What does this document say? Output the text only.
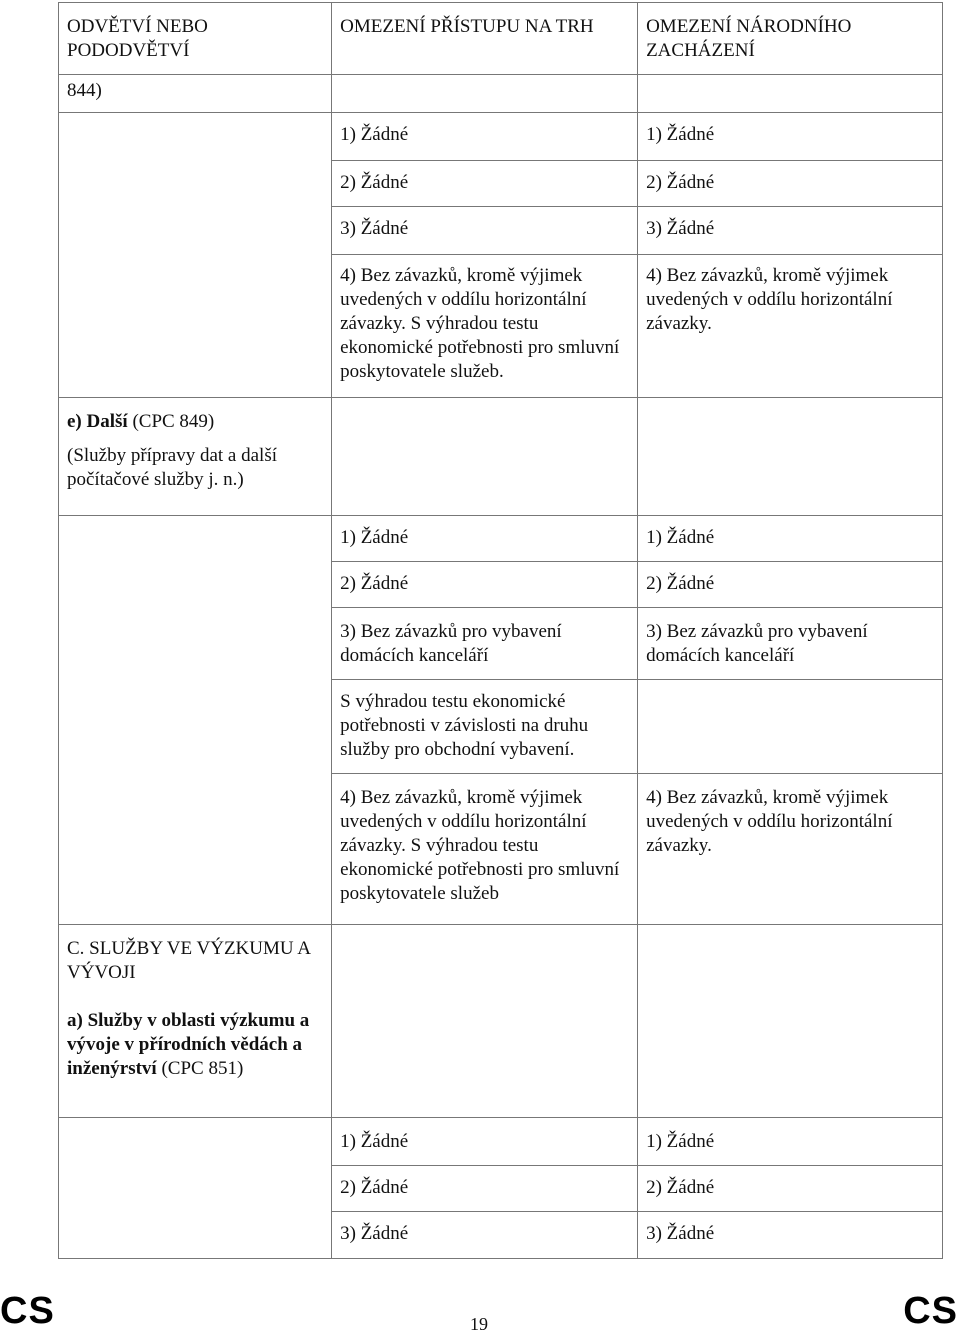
ODVĚTVÍ NEBO PODODVĚTVÍ	OMEZENÍ PŘÍSTUPU NA TRH	OMEZENÍ NÁRODNÍHO ZACHÁZENÍ

844)		
	1) Žádné	1) Žádné
	2) Žádné	2) Žádné
	3) Žádné	3) Žádné
	4) Bez závazků, kromě výjimek uvedených v oddílu horizontální závazky. S výhradou testu ekonomické potřebnosti pro smluvní poskytovatele služeb.	4) Bez závazků, kromě výjimek uvedených v oddílu horizontální závazky.

e) Další (CPC 849)
(Služby přípravy dat a další počítačové služby j. n.)		

	1) Žádné	1) Žádné
	2) Žádné	2) Žádné
	3) Bez závazků pro vybavení domácích kanceláří	3) Bez závazků pro vybavení domácích kanceláří
	S výhradou testu ekonomické potřebnosti v závislosti na druhu služby pro obchodní vybavení.	
	4) Bez závazků, kromě výjimek uvedených v oddílu horizontální závazky. S výhradou testu ekonomické potřebnosti pro smluvní poskytovatele služeb	4) Bez závazků, kromě výjimek uvedených v oddílu horizontální závazky.

C. SLUŽBY VE VÝZKUMU A VÝVOJI
a) Služby v oblasti výzkumu a vývoje v přírodních vědách a inženýrství (CPC 851)		

	1) Žádné	1) Žádné
	2) Žádné	2) Žádné
	3) Žádné	3) Žádné
CS	19	CS
